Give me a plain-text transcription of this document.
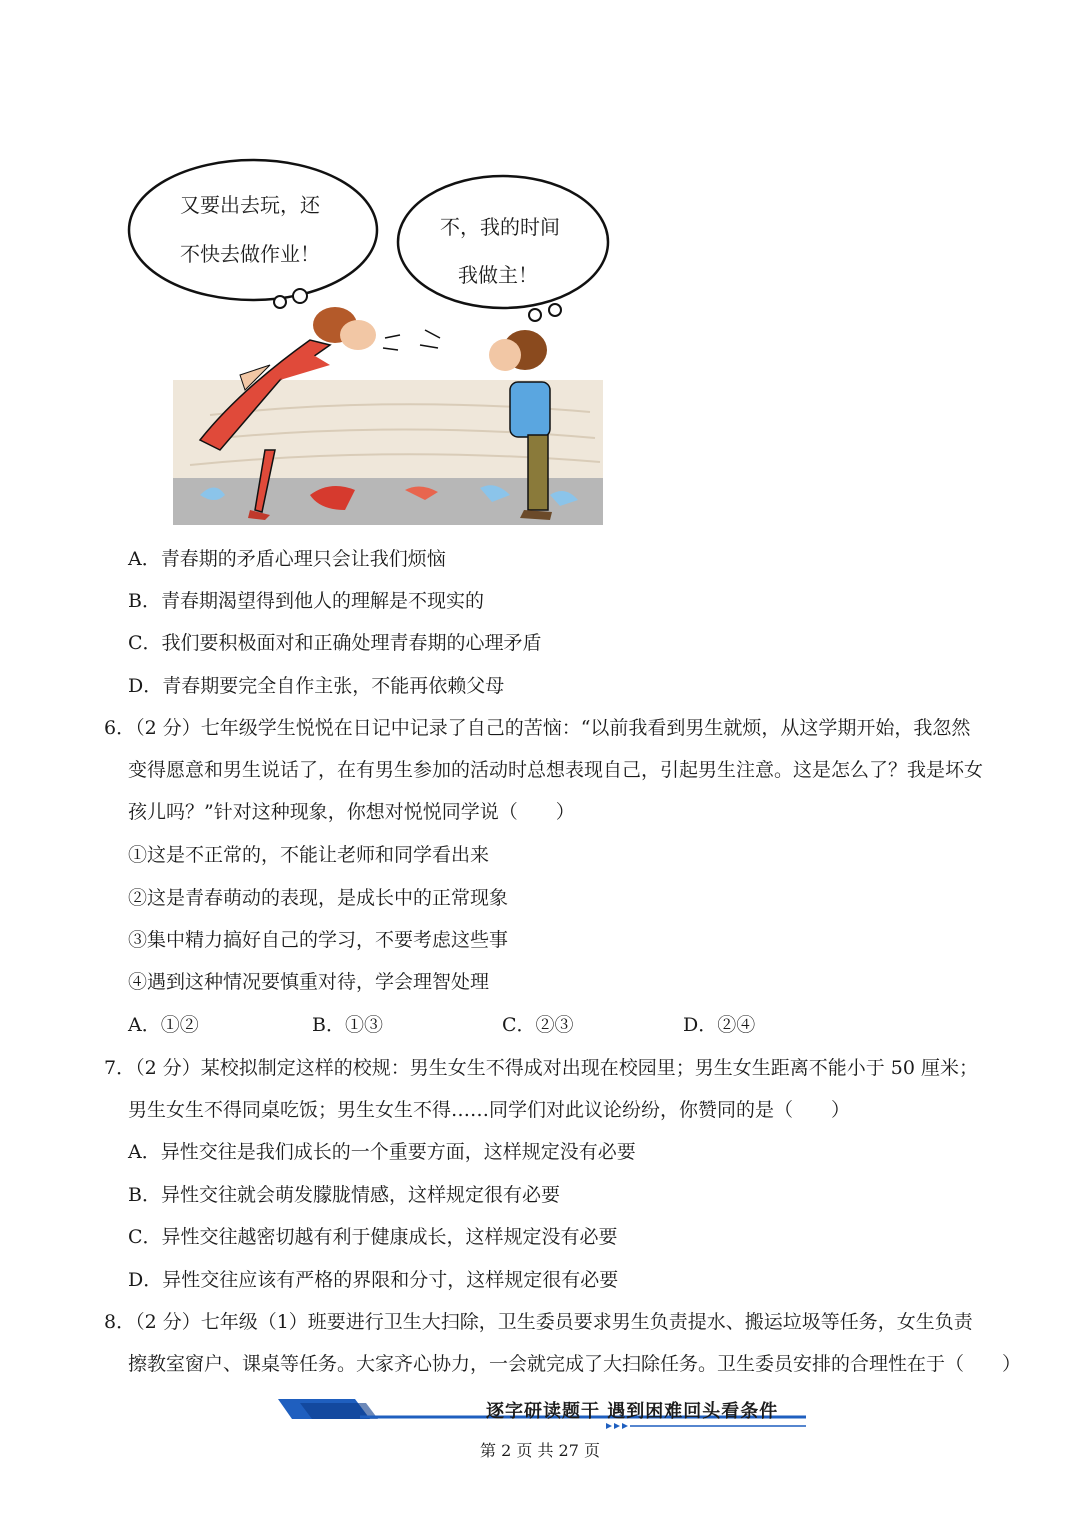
又要出去玩，还
不快去做作业！
不，我的时间
我做主！
A．青春期的矛盾心理只会让我们烦恼
B．青春期渴望得到他人的理解是不现实的
C．我们要积极面对和正确处理青春期的心理矛盾
D．青春期要完全自作主张，不能再依赖父母
6．（2 分）七年级学生悦悦在日记中记录了自己的苦恼：“以前我看到男生就烦，从这学期开始，我忽然
变得愿意和男生说话了，在有男生参加的活动时总想表现自己，引起男生注意。这是怎么了？我是坏女
孩儿吗？”针对这种现象，你想对悦悦同学说（　　）
①这是不正常的，不能让老师和同学看出来
②这是青春萌动的表现，是成长中的正常现象
③集中精力搞好自己的学习，不要考虑这些事
④遇到这种情况要慎重对待，学会理智处理
A．①②	B．①③	C．②③	D．②④
7．（2 分）某校拟制定这样的校规：男生女生不得成对出现在校园里；男生女生距离不能小于 50 厘米；
男生女生不得同桌吃饭；男生女生不得……同学们对此议论纷纷，你赞同的是（　　）
A．异性交往是我们成长的一个重要方面，这样规定没有必要
B．异性交往就会萌发朦胧情感，这样规定很有必要
C．异性交往越密切越有利于健康成长，这样规定没有必要
D．异性交往应该有严格的界限和分寸，这样规定很有必要
8．（2 分）七年级（1）班要进行卫生大扫除，卫生委员要求男生负责提水、搬运垃圾等任务，女生负责
擦教室窗户、课桌等任务。大家齐心协力，一会就完成了大扫除任务。卫生委员安排的合理性在于（　　）
逐字研读题干 遇到困难回头看条件
第 2 页 共 27 页
